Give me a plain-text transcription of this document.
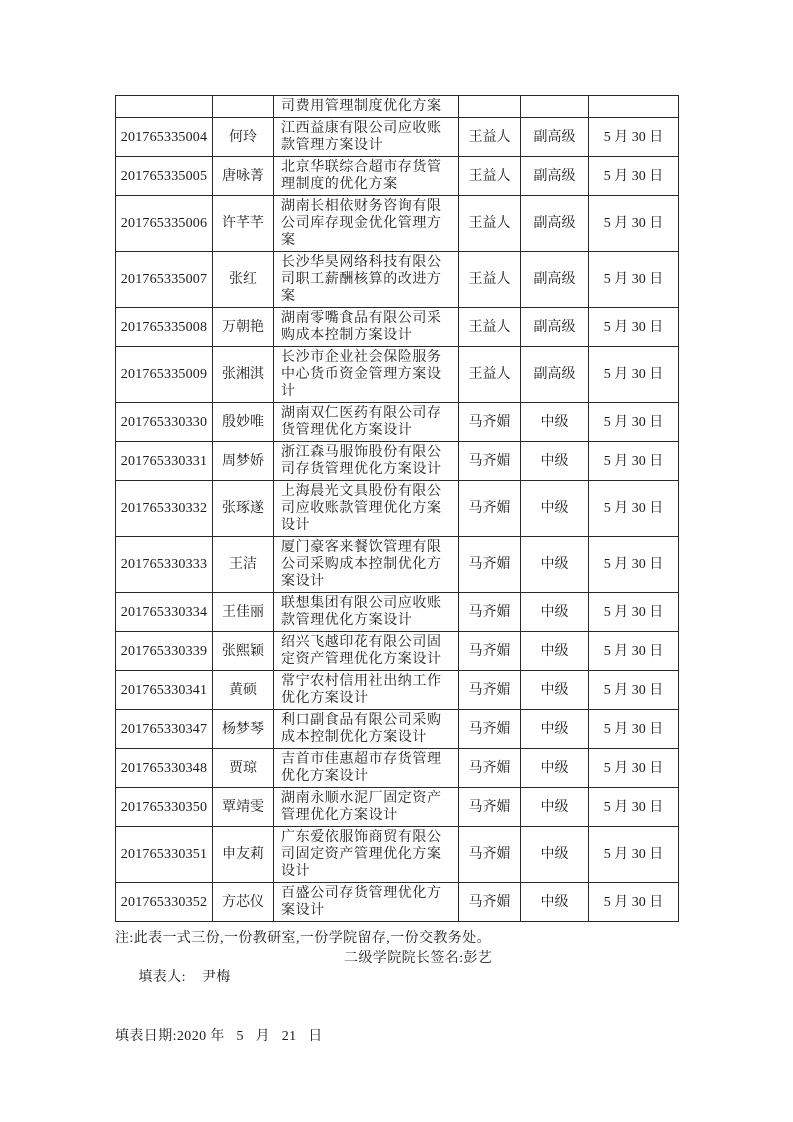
		司费用管理制度优化方案			
201765335004	何玲	江西益康有限公司应收账款管理方案设计	王益人	副高级	5 月 30 日
201765335005	唐咏菁	北京华联综合超市存货管理制度的优化方案	王益人	副高级	5 月 30 日
201765335006	许芊芊	湖南长相依财务咨询有限公司库存现金优化管理方案	王益人	副高级	5 月 30 日
201765335007	张红	长沙华昊网络科技有限公司职工薪酬核算的改进方案	王益人	副高级	5 月 30 日
201765335008	万朝艳	湖南零嘴食品有限公司采购成本控制方案设计	王益人	副高级	5 月 30 日
201765335009	张湘淇	长沙市企业社会保险服务中心货币资金管理方案设计	王益人	副高级	5 月 30 日
201765330330	殷妙唯	湖南双仁医药有限公司存货管理优化方案设计	马齐媚	中级	5 月 30 日
201765330331	周梦娇	浙江森马服饰股份有限公司存货管理优化方案设计	马齐媚	中级	5 月 30 日
201765330332	张琢遂	上海晨光文具股份有限公司应收账款管理优化方案设计	马齐媚	中级	5 月 30 日
201765330333	王洁	厦门豪客来餐饮管理有限公司采购成本控制优化方案设计	马齐媚	中级	5 月 30 日
201765330334	王佳丽	联想集团有限公司应收账款管理优化方案设计	马齐媚	中级	5 月 30 日
201765330339	张熙颖	绍兴飞越印花有限公司固定资产管理优化方案设计	马齐媚	中级	5 月 30 日
201765330341	黄硕	常宁农村信用社出纳工作优化方案设计	马齐媚	中级	5 月 30 日
201765330347	杨梦琴	利口副食品有限公司采购成本控制优化方案设计	马齐媚	中级	5 月 30 日
201765330348	贾琼	吉首市佳惠超市存货管理优化方案设计	马齐媚	中级	5 月 30 日
201765330350	覃靖雯	湖南永顺水泥厂固定资产管理优化方案设计	马齐媚	中级	5 月 30 日
201765330351	申友莉	广东爱依服饰商贸有限公司固定资产管理优化方案设计	马齐媚	中级	5 月 30 日
201765330352	方芯仪	百盛公司存货管理优化方案设计	马齐媚	中级	5 月 30 日
注:此表一式三份,一份教研室,一份学院留存,一份交教务处。

填表人: 尹梅

二级学院院长签名:彭艺

填表日期:2020 年   5   月   21   日
